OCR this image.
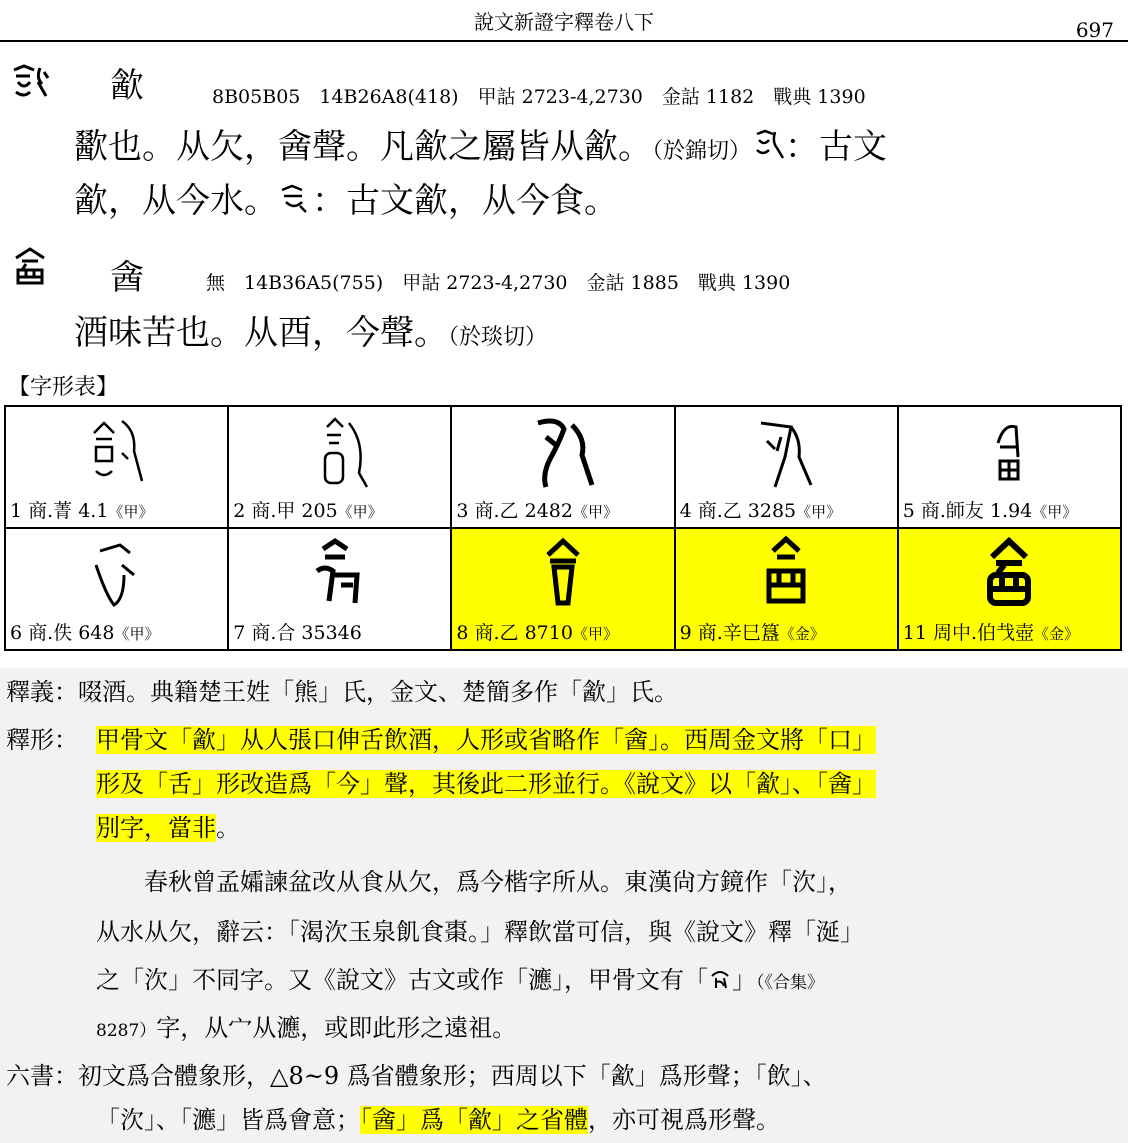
說文新證字釋卷八下	697
㱃	8B05B05　14B26A8(418)　甲詁 2723-4,2730　金詁 1182　戰典 1390
歠也。从欠，酓聲。凡㱃之屬皆从㱃。（於錦切） ：古文
㱃，从今水。 ：古文㱃，从今食。
酓	無　14B36A5(755)　甲詁 2723-4,2730　金詁 1885　戰典 1390
酒味苦也。从酉，今聲。（於琰切）
【字形表】
1 商.菁 4.1《甲》	2 商.甲 205《甲》	3 商.乙 2482《甲》	4 商.乙 3285《甲》	5 商.師友 1.94《甲》

6 商.佚 648《甲》	7 商.合 35346	8 商.乙 8710《甲》	9 商.辛巳簋《金》	11 周中.伯𢦏壺《金》
釋義：啜酒。典籍楚王姓「熊」氏，金文、楚簡多作「㱃」氏。
釋形： 甲骨文「㱃」从人張口伸舌飲酒，人形或省略作「酓」。西周金文將「口」
形及「舌」形改造爲「今」聲，其後此二形並行。《說文》以「㱃」、「酓」
別字，當非。
　　春秋曾孟孀諫盆改从食从欠，爲今楷字所从。東漢尙方鏡作「㳄」，
从水从欠，辭云：「渴㳄玉泉飢食棗。」釋飲當可信，與《說文》釋「涎」
之「㳄」不同字。又《說文》古文或作「㶐」，甲骨文有「 」（《合集》
8287）字，从宀从㶐，或即此形之遠祖。
六書：初文爲合體象形，△8~9 爲省體象形；西周以下「㱃」爲形聲；「飲」、
「㳄」、「㶐」皆爲會意；「酓」爲「㱃」之省體，亦可視爲形聲。
